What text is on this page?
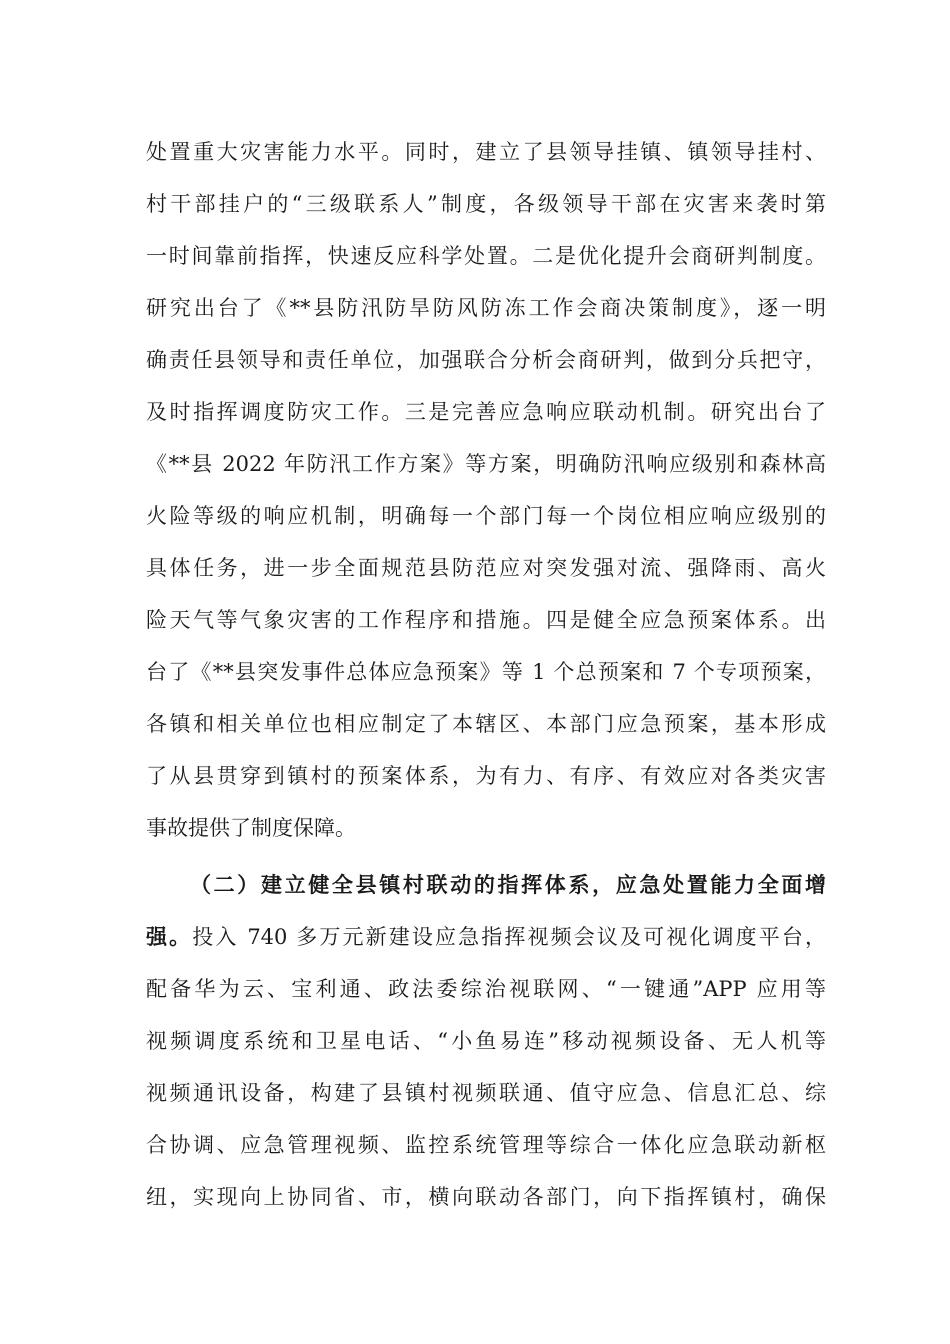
处置重大灾害能力水平。同时，建立了县领导挂镇、镇领导挂村、

村干部挂户的“三级联系人”制度，各级领导干部在灾害来袭时第

一时间靠前指挥，快速反应科学处置。二是优化提升会商研判制度。

研究出台了《**县防汛防旱防风防冻工作会商决策制度》，逐一明

确责任县领导和责任单位，加强联合分析会商研判，做到分兵把守，

及时指挥调度防灾工作。三是完善应急响应联动机制。研究出台了

《**县 2022 年防汛工作方案》等方案，明确防汛响应级别和森林高

火险等级的响应机制，明确每一个部门每一个岗位相应响应级别的

具体任务，进一步全面规范县防范应对突发强对流、强降雨、高火

险天气等气象灾害的工作程序和措施。四是健全应急预案体系。出

台了《**县突发事件总体应急预案》等 1 个总预案和 7 个专项预案，

各镇和相关单位也相应制定了本辖区、本部门应急预案，基本形成

了从县贯穿到镇村的预案体系，为有力、有序、有效应对各类灾害

事故提供了制度保障。

（二）建立健全县镇村联动的指挥体系，应急处置能力全面增

强。投入 740 多万元新建设应急指挥视频会议及可视化调度平台，

配备华为云、宝利通、政法委综治视联网、“一键通”APP 应用等

视频调度系统和卫星电话、“小鱼易连”移动视频设备、无人机等

视频通讯设备，构建了县镇村视频联通、值守应急、信息汇总、综

合协调、应急管理视频、监控系统管理等综合一体化应急联动新枢

纽，实现向上协同省、市，横向联动各部门，向下指挥镇村，确保
